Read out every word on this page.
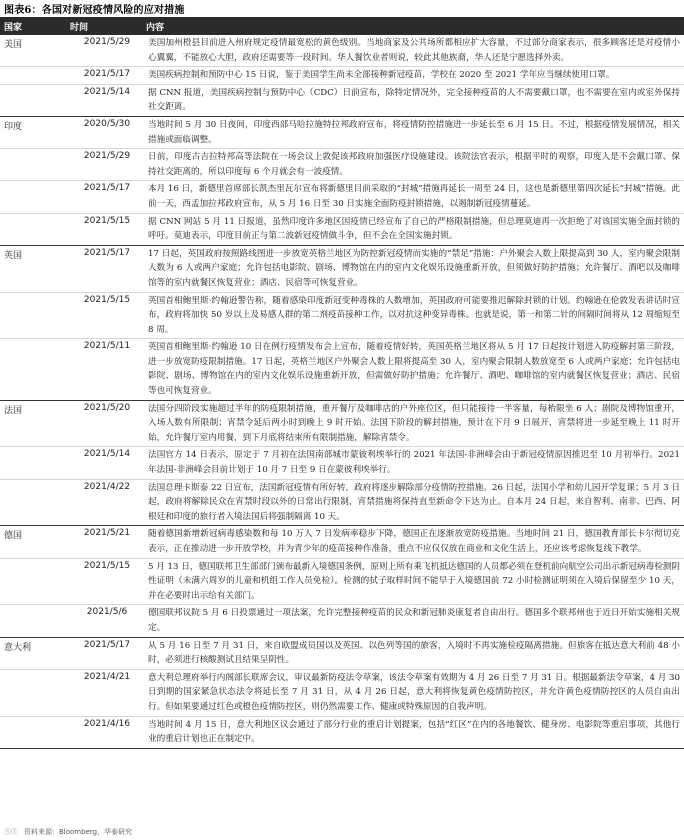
图表6：各国对新冠疫情风险的应对措施
国家	时间	内容
美国	2021/5/29	美国加州橙县目前进入州府规定疫情最宽松的黄色级别。当地商家及公共场所都相应扩大容量，不过部分商家表示，很多顾客还是对疫情小心翼翼，不能放心大胆，政府还需要等一段时间。华人餐饮业者则说，较此其他族裔，华人还是宁愿选择外卖。
2021/5/17	美国疾病控制和预防中心 15 日说，鉴于美国学生尚未全部接种新冠疫苗，学校在 2020 至 2021 学年应当继续使用口罩。
2021/5/14	据 CNN 报道，美国疾病控制与预防中心（CDC）日前宣布，除特定情况外，完全接种疫苗的人不需要戴口罩，也不需要在室内或室外保持社交距离。
印度	2020/5/30	当地时间 5 月 30 日夜间，印度西部马哈拉施特拉邦政府宣布，将疫情防控措施进一步延长至 6 月 15 日。不过，根据疫情发展情况，相关措施或面临调整。
2021/5/29	日前，印度古吉拉特邦高等法院在一场会议上敦促该邦政府加强医疗设施建设。该院法官表示，根据平时的观察，印度人是不会戴口罩、保持社交距离的，所以印度每 6 个月就会有一波疫情。
2021/5/17	本月 16 日，新德里首席部长凯杰里瓦尔宣布将新德里目前采取的“封城”措施再延长一周至 24 日，这也是新德里第四次延长“封城”措施。此前一天，西孟加拉邦政府宣布，从 5 月 16 日至 30 日实施全面防疫封锁措施，以遏制新冠疫情蔓延。
2021/5/15	据 CNN 网站 5 月 11 日报道，虽然印度许多地区因疫情已经宣布了自己的严格限制措施，但总理莫迪再一次拒绝了对该国实施全面封锁的呼吁。莫迪表示，印度目前正与第二波新冠疫情做斗争，但不会在全国实施封锁。
英国	2021/5/17	17 日起，英国政府按照路线图进一步放宽英格兰地区为防控新冠疫情而实施的“禁足”措施：户外聚会人数上限提高到 30 人，室内聚会限制人数为 6 人或两户家庭；允许包括电影院、剧场、博物馆在内的室内文化娱乐设施重新开放，但须做好防护措施；允许餐厅、酒吧以及咖啡馆等的室内就餐区恢复营业；酒店、民宿等可恢复营业。
2021/5/15	英国首相鲍里斯·约翰逊警告称，随着感染印度新冠变种毒株的人数增加，英国政府可能要推迟解除封锁的计划。约翰逊在伦敦发表讲话时宣布，政府将加快 50 岁以上及易感人群的第二剂疫苗接种工作，以对抗这种变异毒株。也就是说，第一和第二针的间隔时间将从 12 周缩短至 8 周。
2021/5/11	英国首相鲍里斯·约翰逊 10 日在例行疫情发布会上宣布，随着疫情好转，英国英格兰地区将从 5 月 17 日起按计划进入防疫解封第三阶段，进一步放宽防疫限制措施。17 日起，英格兰地区户外聚会人数上限将提高至 30 人，室内聚会限制人数放宽至 6 人或两户家庭；允许包括电影院、剧场、博物馆在内的室内文化娱乐设施重新开放，但需做好防护措施；允许餐厅、酒吧、咖啡馆的室内就餐区恢复营业；酒店、民宿等也可恢复营业。
法国	2021/5/20	法国分四阶段实施超过半年的防疫限制措施，重开餐厅及咖啡店的户外座位区，但只能接待一半客量，每枱限坐 6 人；剧院及博物馆重开，入场人数有所限制；宵禁令延后两小时到晚上 9 时开始。法国下阶段的解封措施，预计在下月 9 日展开，宵禁将进一步延至晚上 11 时开始，允许餐厅室内用餐，到下月底将结束所有限制措施，解除宵禁令。
2021/5/14	法国官方 14 日表示，原定于 7 月初在法国南部城市蒙彼利埃举行的 2021 年法国-非洲峰会由于新冠疫情原因推迟至 10 月初举行。2021 年法国-非洲峰会目前计划于 10 月 7 日至 9 日在蒙彼利埃举行。
2021/4/22	法国总理卡斯泰 22 日宣布，法国新冠疫情有所好转，政府将逐步解除部分疫情防控措施。26 日起，法国小学和幼儿园开学复课；5 月 3 日起，政府将解除民众在宵禁时段以外的日常出行限制，宵禁措施将保持直至新命令下达为止。自本月 24 日起，来自智利、南非、巴西、阿根廷和印度的旅行者入境法国后将强制隔离 10 天。
德国	2021/5/21	随着德国新增新冠病毒感染数和每 10 万人 7 日发病率稳步下降，德国正在逐渐放宽防疫措施。当地时间 21 日，德国教育部长卡尔彻切克表示，正在推动进一步开放学校，并为青少年的疫苗接种作准备，重点不应仅仅放在商业和文化生活上，还应该考虑恢复线下教学。
2021/5/15	5 月 13 日，德国联邦卫生部部门颁布最新入境德国条例，原则上所有乘飞机抵达德国的人员都必须在登机前向航空公司出示新冠病毒检测阴性证明（未满六周岁的儿童和机组工作人员免检）。检测的拭子取样时间不能早于入境德国前 72 小时检测证明须在入境后保留至少 10 天，并在必要时出示给有关部门。
2021/5/6	德国联邦议院 5 月 6 日投票通过一项法案，允许完整接种疫苗的民众和新冠肺炎康复者自由出行。德国多个联邦州也于近日开始实施相关规定。
意大利	2021/5/17	从 5 月 16 日至 7 月 31 日，来自欧盟成员国以及英国、以色列等国的旅客，入境时不再实施检疫隔离措施。但旅客在抵达意大利前 48 小时，必须进行核酸测试且结果呈阴性。
2021/4/21	意大利总理府举行内阁部长联席会议，审议最新防疫法令草案，该法令草案有效期为 4 月 26 日至 7 月 31 日。根据最新法令草案，4 月 30 日到期的国家紧急状态法令将延长至 7 月 31 日，从 4 月 26 日起，意大利将恢复黄色疫情防控区，并允许黄色疫情防控区的人员自由出行。但如果要通过红色或橙色疫情防控区，则仍然需要工作、健康或特殊原因的自我声明。
2021/4/16	当地时间 4 月 15 日，意大利地区议会通过了部分行业的重启计划提案，包括“红区”在内的各地餐饮、健身房、电影院等重启事项，其他行业的重启计划也正在制定中。
ⓈⓉ 资料来源：Bloomberg，华泰研究
